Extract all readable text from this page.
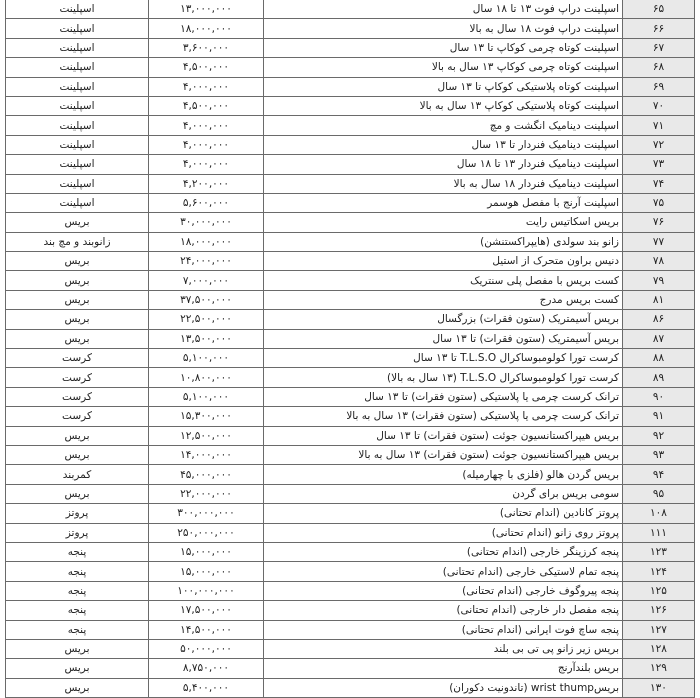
اسپلینت	۱۳,۰۰۰,۰۰۰	اسپلینت دراپ فوت ۱۳ تا ۱۸ سال	۶۵
اسپلینت	۱۸,۰۰۰,۰۰۰	اسپلینت دراپ فوت ۱۸ سال به بالا	۶۶
اسپلینت	۳,۶۰۰,۰۰۰	اسپلینت کوتاه چرمی کوکاپ تا ۱۳ سال	۶۷
اسپلینت	۴,۵۰۰,۰۰۰	اسپلینت کوتاه چرمی کوکاپ ۱۳ سال به بالا	۶۸
اسپلینت	۴,۰۰۰,۰۰۰	اسپلینت کوتاه پلاستیکی کوکاپ تا ۱۳ سال	۶۹
اسپلینت	۴,۵۰۰,۰۰۰	اسپلینت کوتاه پلاستیکی کوکاپ ۱۳ سال به بالا	۷۰
اسپلینت	۴,۰۰۰,۰۰۰	اسپلینت دینامیک انگشت و مچ	۷۱
اسپلینت	۴,۰۰۰,۰۰۰	اسپلینت دینامیک فنردار تا ۱۳ سال	۷۲
اسپلینت	۴,۰۰۰,۰۰۰	اسپلینت دینامیک فنردار ۱۳ تا ۱۸ سال	۷۳
اسپلینت	۴,۲۰۰,۰۰۰	اسپلینت دینامیک فنردار ۱۸ سال به بالا	۷۴
اسپلینت	۵,۶۰۰,۰۰۰	اسپلینت آرنج با مفصل هوسمر	۷۵
بریس	۳۰,۰۰۰,۰۰۰	بریس اسکاتیس رایت	۷۶
زانوبند و مچ بند	۱۸,۰۰۰,۰۰۰	زانو بند سولدی (هایپراکستنشن)	۷۷
بریس	۲۴,۰۰۰,۰۰۰	دنیس براون متحرک از استیل	۷۸
بریس	۷,۰۰۰,۰۰۰	کست بریس با مفصل پلی سنتریک	۷۹
بریس	۳۷,۵۰۰,۰۰۰	کست بریس مدرج	۸۱
بریس	۲۲,۵۰۰,۰۰۰	بریس آسیمتریک (ستون فقرات) بزرگسال	۸۶
بریس	۱۳,۵۰۰,۰۰۰	بریس آسیمتریک (ستون فقرات) تا ۱۳ سال	۸۷
کرست	۵,۱۰۰,۰۰۰	کرست تورا کولومبوساکرال T.L.S.O تا ۱۳ سال	۸۸
کرست	۱۰,۸۰۰,۰۰۰	کرست تورا کولومبوساکرال T.L.S.O (۱۳ سال به بالا)	۸۹
کرست	۵,۱۰۰,۰۰۰	ترانک کرست چرمی یا پلاستیکی (ستون فقرات) تا ۱۳ سال	۹۰
کرست	۱۵,۳۰۰,۰۰۰	ترانک کرست چرمی یا پلاستیکی (ستون فقرات) ۱۳ سال به بالا	۹۱
بریس	۱۲,۵۰۰,۰۰۰	بریس هیپراکستانسیون جوئت (ستون فقرات) تا ۱۳ سال	۹۲
بریس	۱۴,۰۰۰,۰۰۰	بریس هیپراکستانسیون جوئت (ستون فقرات) ۱۳ سال به بالا	۹۳
کمربند	۴۵,۰۰۰,۰۰۰	بریس گردن هالو (فلزی با چهارمیله)	۹۴
بریس	۲۲,۰۰۰,۰۰۰	سومی بریس برای گردن	۹۵
پروتز	۳۰۰,۰۰۰,۰۰۰	پروتز کانادین (اندام تحتانی)	۱۰۸
پروتز	۲۵۰,۰۰۰,۰۰۰	پروتز روی زانو (اندام تحتانی)	۱۱۱
پنجه	۱۵,۰۰۰,۰۰۰	پنجه کرزینگر خارجی (اندام تحتانی)	۱۲۳
پنجه	۱۵,۰۰۰,۰۰۰	پنجه تمام لاستیکی خارجی (اندام تحتانی)	۱۲۴
پنجه	۱۰۰,۰۰۰,۰۰۰	پنجه پیروگوف خارجی (اندام تحتانی)	۱۲۵
پنجه	۱۷,۵۰۰,۰۰۰	پنجه مفصل دار خارجی (اندام تحتانی)	۱۲۶
پنجه	۱۴,۵۰۰,۰۰۰	پنجه ساچ فوت ایرانی (اندام تحتانی)	۱۲۷
بریس	۵۰,۰۰۰,۰۰۰	بریس زیر زانو پی تی بی بلند	۱۲۸
بریس	۸,۷۵۰,۰۰۰	بریس بلندآرنج	۱۲۹
بریس	۵,۴۰۰,۰۰۰	بریسwrist thump (تاندونیت دکوران)	۱۳۰
